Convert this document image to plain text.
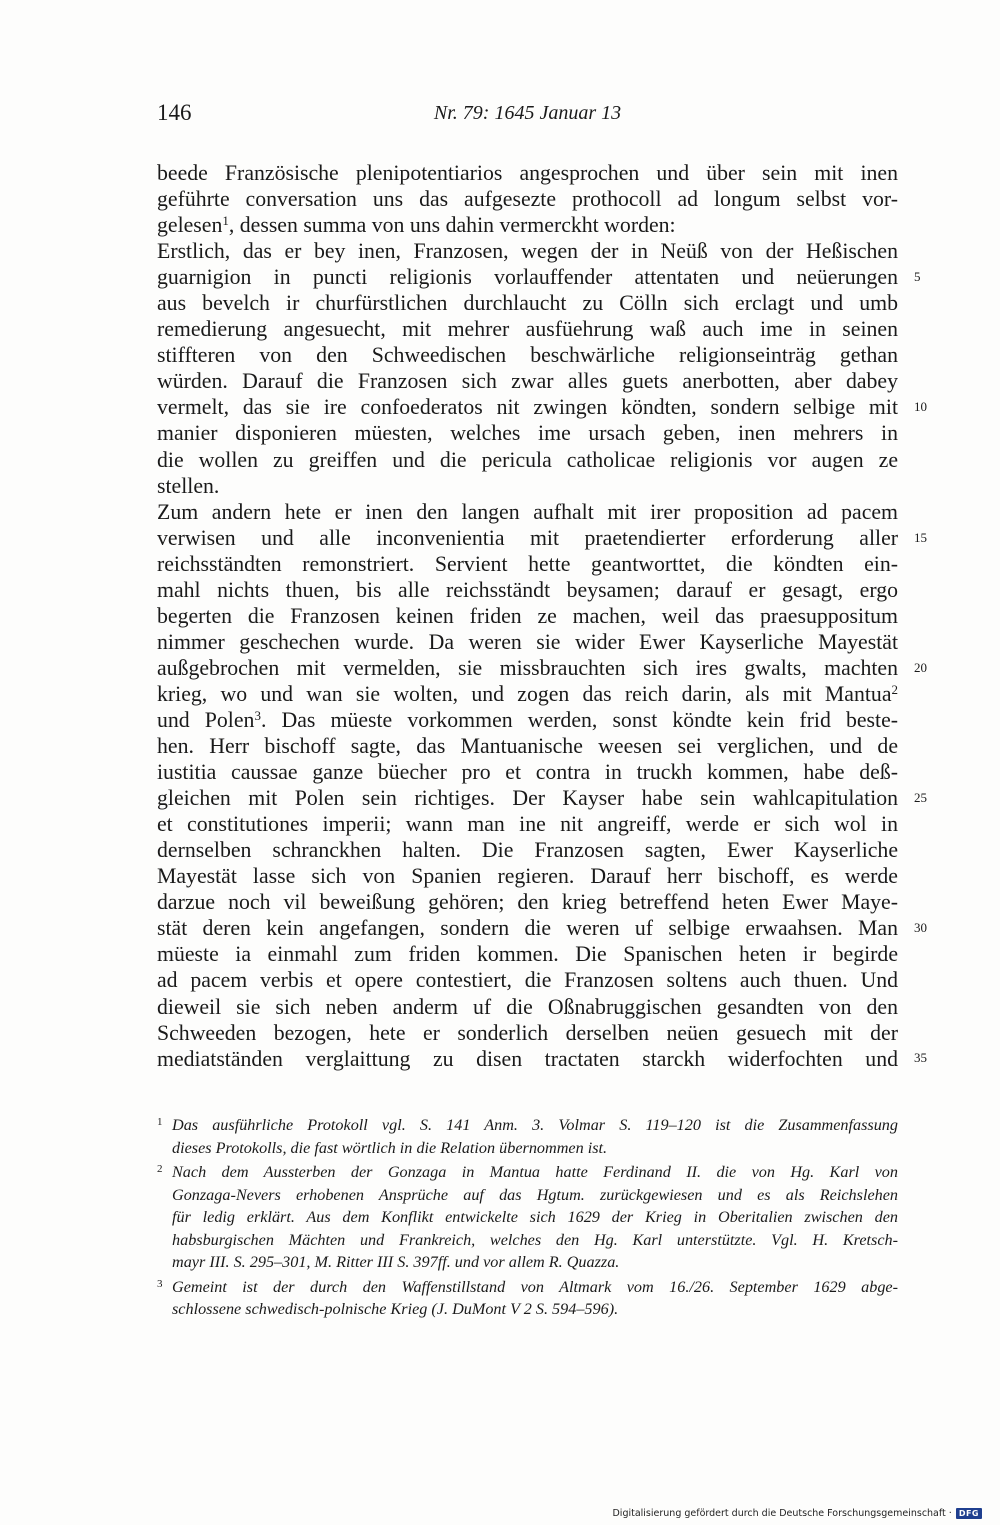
146	Nr. 79: 1645 Januar 13
beede Französische plenipotentiarios angesprochen und über sein mit inen
geführte conversation uns das aufgesezte prothocoll ad longum selbst vor-
gelesen$^1$, dessen summa von uns dahin vermerckht worden:
Erstlich, das er bey inen, Franzosen, wegen der in Neüß von der Heßischen
guarnigion in puncti religionis vorlauffender attentaten und neüerungen
aus bevelch ir churfürstlichen durchlaucht zu Cölln sich erclagt und umb
remedierung angesuecht, mit mehrer ausfüehrung waß auch ime in seinen
stiffteren von den Schweedischen beschwärliche religionseinträg gethan
würden. Darauf die Franzosen sich zwar alles guets anerbotten, aber dabey
vermelt, das sie ire confoederatos nit zwingen köndten, sondern selbige mit
manier disponieren müesten, welches ime ursach geben, inen mehrers in
die wollen zu greiffen und die pericula catholicae religionis vor augen ze
stellen.
Zum andern hete er inen den langen aufhalt mit irer proposition ad pacem
verwisen und alle inconvenientia mit praetendierter erforderung aller
reichsständten remonstriert. Servient hette geantworttet, die köndten ein-
mahl nichts thuen, bis alle reichsständt beysamen; darauf er gesagt, ergo
begerten die Franzosen keinen friden ze machen, weil das praesuppositum
nimmer geschechen wurde. Da weren sie wider Ewer Kayserliche Mayestät
außgebrochen mit vermelden, sie missbrauchten sich ires gwalts, machten
krieg, wo und wan sie wolten, und zogen das reich darin, als mit Mantua$^2$
und Polen$^3$. Das müeste vorkommen werden, sonst köndte kein frid beste-
hen. Herr bischoff sagte, das Mantuanische weesen sei verglichen, und de
iustitia caussae ganze büecher pro et contra in truckh kommen, habe deß-
gleichen mit Polen sein richtiges. Der Kayser habe sein wahlcapitulation
et constitutiones imperii; wann man ine nit angreiff, werde er sich wol in
dernselben schranckhen halten. Die Franzosen sagten, Ewer Kayserliche
Mayestät lasse sich von Spanien regieren. Darauf herr bischoff, es werde
darzue noch vil beweißung gehören; den krieg betreffend heten Ewer Maye-
stät deren kein angefangen, sondern die weren uf selbige erwaahsen. Man
müeste ia einmahl zum friden kommen. Die Spanischen heten ir begirde
ad pacem verbis et opere contestiert, die Franzosen soltens auch thuen. Und
dieweil sie sich neben anderm uf die Oßnabruggischen gesandten von den
Schweeden bezogen, hete er sonderlich derselben neüen gesuech mit der
mediatständen verglaittung zu disen tractaten starckh widerfochten und
5
10
15
20
25
30
35
1 Das ausführliche Protokoll vgl. S. 141 Anm. 3. Volmar S. 119–120 ist die Zusammenfassung
dieses Protokolls, die fast wörtlich in die Relation übernommen ist.
2 Nach dem Aussterben der Gonzaga in Mantua hatte Ferdinand II. die von Hg. Karl von
Gonzaga-Nevers erhobenen Ansprüche auf das Hgtum. zurückgewiesen und es als Reichslehen
für ledig erklärt. Aus dem Konflikt entwickelte sich 1629 der Krieg in Oberitalien zwischen den
habsburgischen Mächten und Frankreich, welches den Hg. Karl unterstützte. Vgl. H. Kretsch-
mayr III. S. 295–301, M. Ritter III S. 397ff. und vor allem R. Quazza.
3 Gemeint ist der durch den Waffenstillstand von Altmark vom 16./26. September 1629 abge-
schlossene schwedisch-polnische Krieg (J. DuMont V 2 S. 594–596).
Digitalisierung gefördert durch die Deutsche Forschungsgemeinschaft · DFG
